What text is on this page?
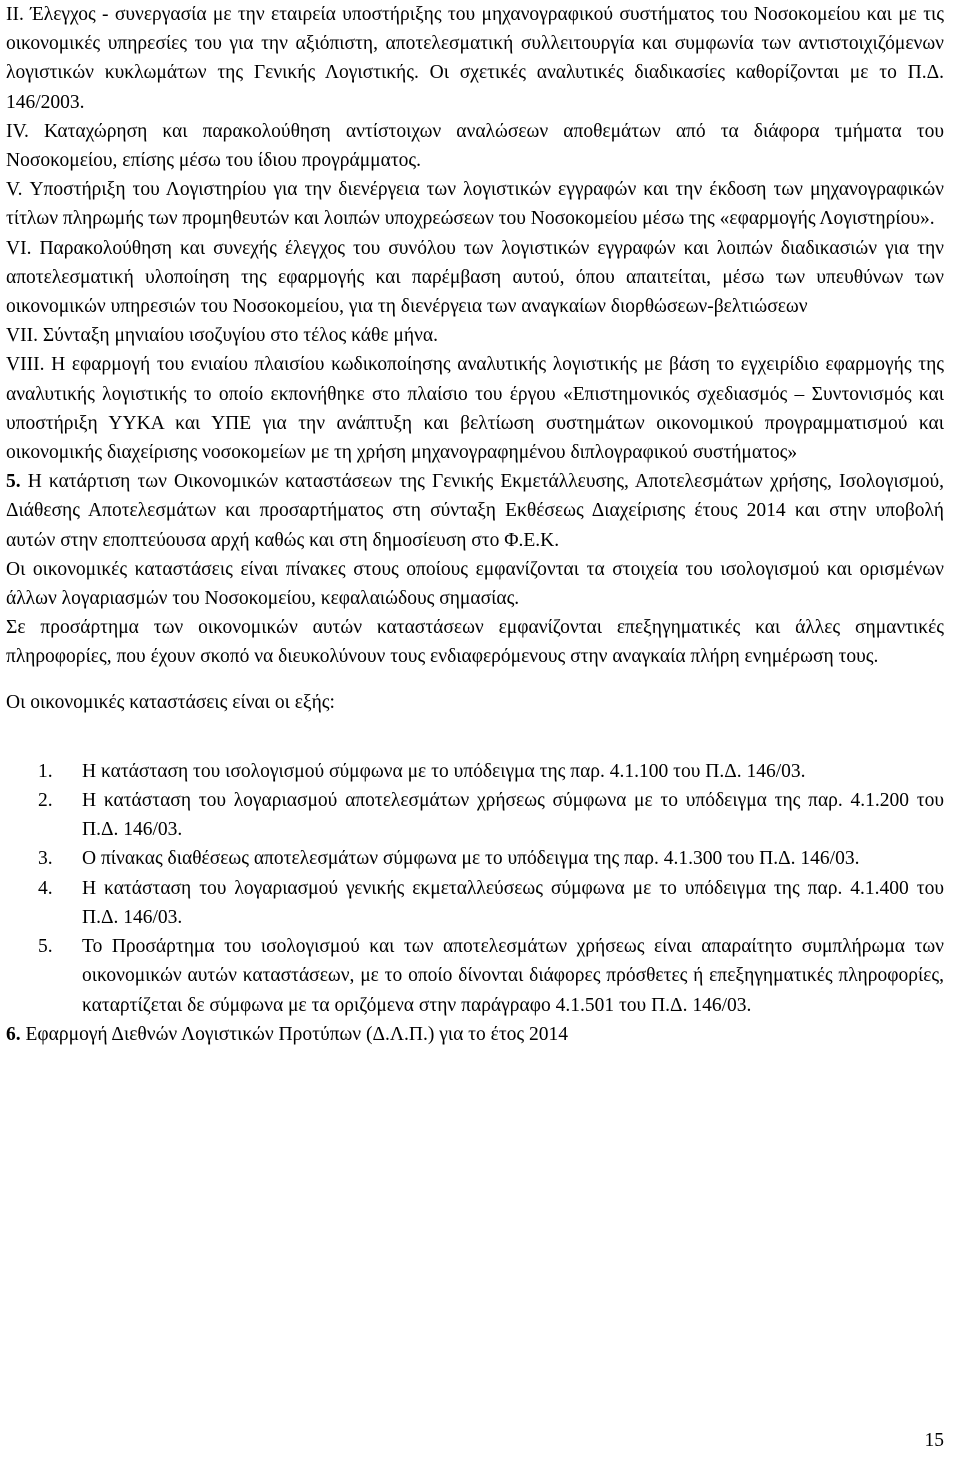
II. Έλεγχος - συνεργασία με την εταιρεία υποστήριξης του μηχανογραφικού συστήματος του Νοσοκομείου και με τις οικονομικές υπηρεσίες του για την αξιόπιστη, αποτελεσματική συλλειτουργία και συμφωνία των αντιστοιχιζόμενων λογιστικών κυκλωμάτων της Γενικής Λογιστικής. Οι σχετικές αναλυτικές διαδικασίες καθορίζονται με το Π.Δ. 146/2003.

IV. Καταχώρηση και παρακολούθηση αντίστοιχων αναλώσεων αποθεμάτων από τα διάφορα τμήματα του Νοσοκομείου, επίσης μέσω του ίδιου προγράμματος.

V. Υποστήριξη του Λογιστηρίου για την διενέργεια των λογιστικών εγγραφών και την έκδοση των μηχανογραφικών τίτλων πληρωμής των προμηθευτών και λοιπών υποχρεώσεων του Νοσοκομείου μέσω της «εφαρμογής Λογιστηρίου».

VI. Παρακολούθηση και συνεχής έλεγχος του συνόλου των λογιστικών εγγραφών και λοιπών διαδικασιών για την αποτελεσματική υλοποίηση της εφαρμογής και παρέμβαση αυτού, όπου απαιτείται, μέσω των υπευθύνων των οικονομικών υπηρεσιών του Νοσοκομείου, για τη διενέργεια των αναγκαίων διορθώσεων-βελτιώσεων

VII. Σύνταξη μηνιαίου ισοζυγίου στο τέλος κάθε μήνα.

VIII. Η εφαρμογή του ενιαίου πλαισίου κωδικοποίησης αναλυτικής λογιστικής με βάση το εγχειρίδιο εφαρμογής της αναλυτικής λογιστικής το οποίο εκπονήθηκε στο πλαίσιο του έργου «Επιστημονικός σχεδιασμός – Συντονισμός και υποστήριξη ΥΥΚΑ και ΥΠΕ για την ανάπτυξη και βελτίωση συστημάτων οικονομικού προγραμματισμού και οικονομικής διαχείρισης νοσοκομείων με τη χρήση μηχανογραφημένου διπλογραφικού συστήματος»

5. Η κατάρτιση των Οικονομικών καταστάσεων της Γενικής Εκμετάλλευσης, Αποτελεσμάτων χρήσης, Ισολογισμού, Διάθεσης Αποτελεσμάτων και προσαρτήματος στη σύνταξη Εκθέσεως Διαχείρισης έτους 2014 και στην υποβολή αυτών στην εποπτεύουσα αρχή καθώς και στη δημοσίευση στο Φ.Ε.Κ.

Οι οικονομικές καταστάσεις είναι πίνακες στους οποίους εμφανίζονται τα στοιχεία του ισολογισμού και ορισμένων άλλων λογαριασμών του Νοσοκομείου, κεφαλαιώδους σημασίας.

Σε προσάρτημα των οικονομικών αυτών καταστάσεων εμφανίζονται επεξηγηματικές και άλλες σημαντικές πληροφορίες, που έχουν σκοπό να διευκολύνουν τους ενδιαφερόμενους στην αναγκαία πλήρη ενημέρωση τους.

Οι οικονομικές καταστάσεις είναι οι εξής:

1. Η κατάσταση του ισολογισμού σύμφωνα με το υπόδειγμα της παρ. 4.1.100 του Π.Δ. 146/03.
2. Η κατάσταση του λογαριασμού αποτελεσμάτων χρήσεως σύμφωνα με το υπόδειγμα της παρ. 4.1.200 του Π.Δ. 146/03.
3. Ο πίνακας διαθέσεως αποτελεσμάτων σύμφωνα με το υπόδειγμα της παρ. 4.1.300 του Π.Δ. 146/03.
4. Η κατάσταση του λογαριασμού γενικής εκμεταλλεύσεως σύμφωνα με το υπόδειγμα της παρ. 4.1.400 του Π.Δ. 146/03.
5. Το Προσάρτημα του ισολογισμού και των αποτελεσμάτων χρήσεως είναι απαραίτητο συμπλήρωμα των οικονομικών αυτών καταστάσεων, με το οποίο δίνονται διάφορες πρόσθετες ή επεξηγηματικές πληροφορίες, καταρτίζεται δε σύμφωνα με τα οριζόμενα στην παράγραφο 4.1.501 του Π.Δ. 146/03.

6. Εφαρμογή Διεθνών Λογιστικών Προτύπων (Δ.Λ.Π.) για το έτος 2014

15
